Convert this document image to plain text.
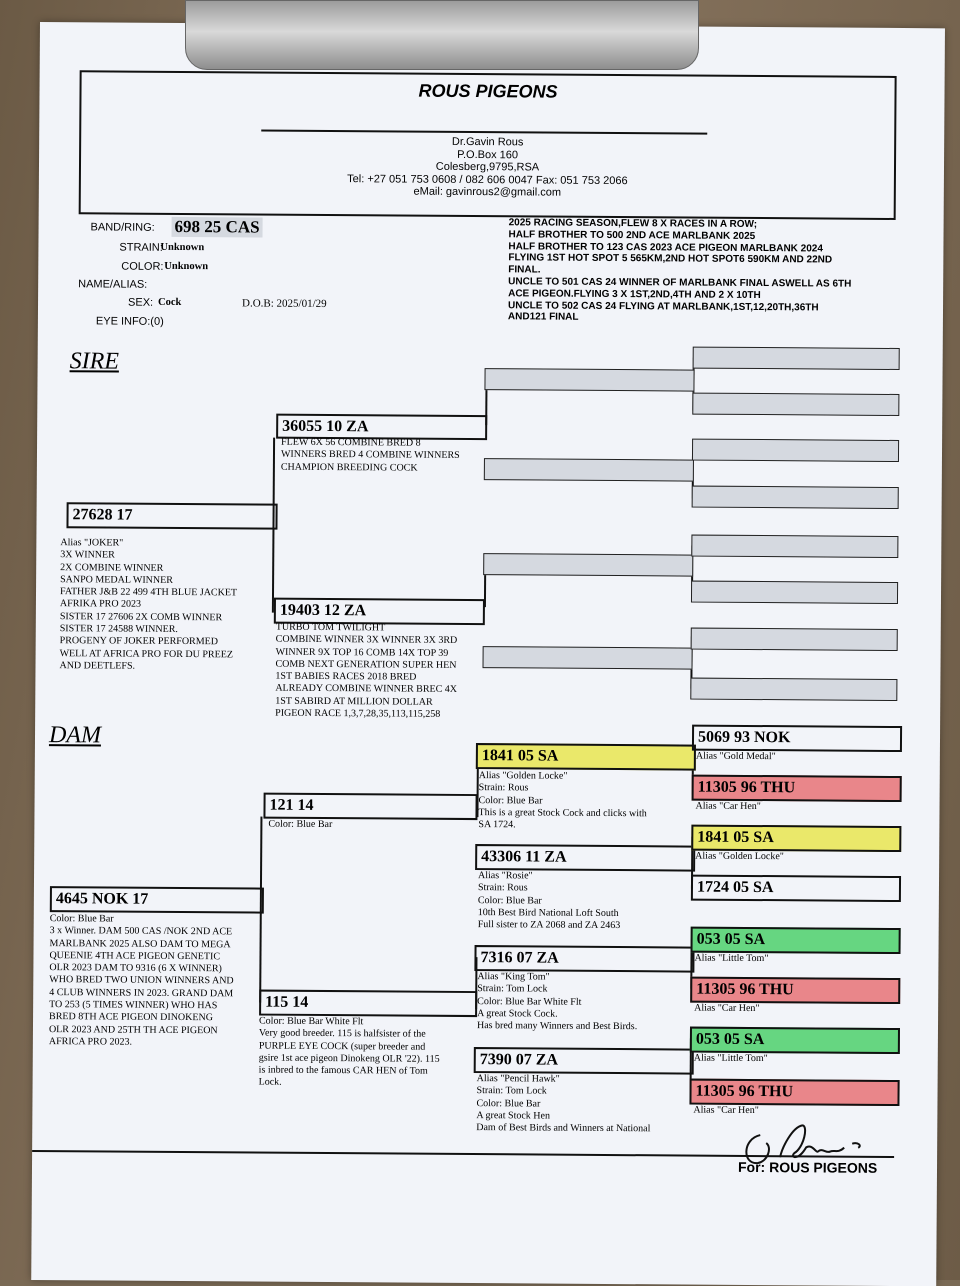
ROUS PIGEONS
Dr.Gavin Rous
P.O.Box 160
Colesberg,9795,RSA
Tel: +27 051 753 0608 / 082 606 0047 Fax: 051 753 2066
eMail: gavinrous2@gmail.com
BAND/RING: 698 25 CAS
STRAIN:
Unknown
COLOR: Unknown
NAME/ALIAS:
SEX: Cock	D.O.B: 2025/01/29
EYE INFO:(0)
2025 RACING SEASON,FLEW 8 X RACES IN A ROW;
HALF BROTHER TO 500 2ND ACE MARLBANK 2025
HALF BROTHER TO 123 CAS 2023 ACE PIGEON MARLBANK 2024
FLYING 1ST HOT SPOT 5 565KM,2ND HOT SPOT6 590KM AND 22ND
FINAL.
UNCLE TO 501 CAS 24 WINNER OF MARLBANK FINAL ASWELL AS 6TH
ACE PIGEON.FLYING 3 X 1ST,2ND,4TH AND 2 X 10TH
UNCLE TO 502 CAS 24 FLYING AT MARLBANK,1ST,12,20TH,36TH
AND121 FINAL
SIRE
27628 17
Alias "JOKER"
3X WINNER
2X COMBINE WINNER
SANPO MEDAL WINNER
FATHER J&B 22 499 4TH BLUE JACKET
AFRIKA PRO 2023
SISTER 17 27606 2X COMB WINNER
SISTER 17 24588 WINNER.
PROGENY OF JOKER PERFORMED
WELL AT AFRICA PRO FOR DU PREEZ
AND DEETLEFS.
36055 10 ZA
FLEW 6X 56 COMBINE BRED 8
WINNERS BRED 4 COMBINE WINNERS
CHAMPION BREEDING COCK
19403 12 ZA
TURBO TOM TWILIGHT
COMBINE WINNER 3X WINNER 3X 3RD
WINNER 9X TOP 16 COMB 14X TOP 39
COMB NEXT GENERATION SUPER HEN
1ST BABIES RACES 2018 BRED
ALREADY COMBINE WINNER BREC 4X
1ST SABIRD AT MILLION DOLLAR
PIGEON RACE 1,3,7,28,35,113,115,258
DAM
4645 NOK 17
Color: Blue Bar
3 x Winner. DAM 500 CAS /NOK 2ND ACE
MARLBANK 2025 ALSO DAM TO MEGA
QUEENIE 4TH ACE PIGEON GENETIC
OLR 2023 DAM TO 9316 (6 X WINNER)
WHO BRED TWO UNION WINNERS AND
4 CLUB WINNERS IN 2023. GRAND DAM
TO 253 (5 TIMES WINNER) WHO HAS
BRED 8TH ACE PIGEON DINOKENG
OLR 2023 AND 25TH TH ACE PIGEON
AFRICA PRO 2023.
121 14
Color: Blue Bar
115 14
Color: Blue Bar White Flt
Very good breeder. 115 is halfsister of the
PURPLE EYE COCK (super breeder and
gsire 1st ace pigeon Dinokeng OLR '22). 115
is inbred to the famous CAR HEN of Tom
Lock.
1841 05 SA
Alias "Golden Locke"
Strain: Rous
Color: Blue Bar
This is a great Stock Cock and clicks with
SA 1724.
43306 11 ZA
Alias "Rosie"
Strain: Rous
Color: Blue Bar
10th Best Bird National Loft South
Full sister to ZA 2068 and ZA 2463
7316 07 ZA
Alias "King Tom"
Strain: Tom Lock
Color: Blue Bar White Flt
A great Stock Cock.
Has bred many Winners and Best Birds.
7390 07 ZA
Alias "Pencil Hawk"
Strain: Tom Lock
Color: Blue Bar
A great Stock Hen
Dam of Best Birds and Winners at National
5069 93 NOK
Alias "Gold Medal"
11305 96 THU
Alias "Car Hen"
1841 05 SA
Alias "Golden Locke"
1724 05 SA
053 05 SA
Alias "Little Tom"
11305 96 THU
Alias "Car Hen"
053 05 SA
Alias "Little Tom"
11305 96 THU
Alias "Car Hen"
For: ROUS PIGEONS
